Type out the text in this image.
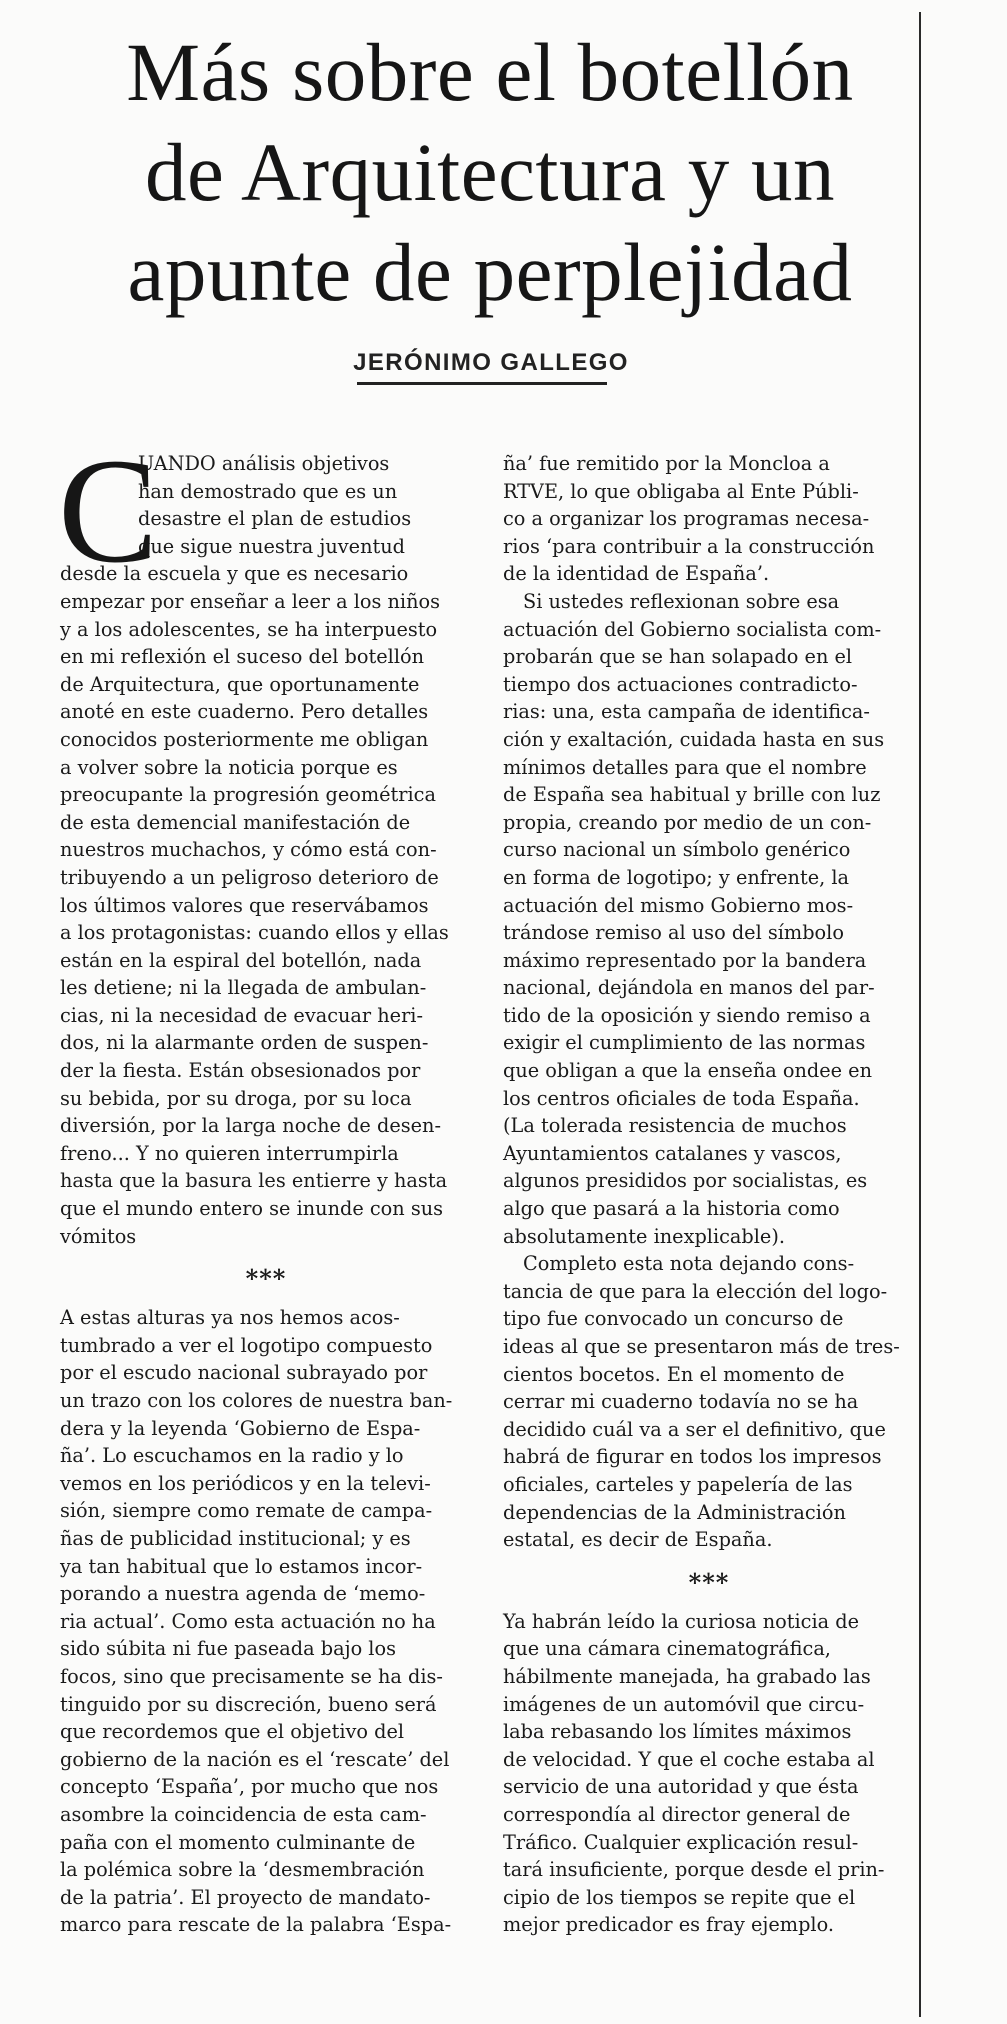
Más sobre el botellón
de Arquitectura y un
apunte de perplejidad
JERÓNIMO GALLEGO
C
UANDO análisis objetivos
han demostrado que es un
desastre el plan de estudios
que sigue nuestra juventud
desde la escuela y que es necesario
empezar por enseñar a leer a los niños
y a los adolescentes, se ha interpuesto
en mi reflexión el suceso del botellón
de Arquitectura, que oportunamente
anoté en este cuaderno. Pero detalles
conocidos posteriormente me obligan
a volver sobre la noticia porque es
preocupante la progresión geométrica
de esta demencial manifestación de
nuestros muchachos, y cómo está con-
tribuyendo a un peligroso deterioro de
los últimos valores que reservábamos
a los protagonistas: cuando ellos y ellas
están en la espiral del botellón, nada
les detiene; ni la llegada de ambulan-
cias, ni la necesidad de evacuar heri-
dos, ni la alarmante orden de suspen-
der la fiesta. Están obsesionados por
su bebida, por su droga, por su loca
diversión, por la larga noche de desen-
freno... Y no quieren interrumpirla
hasta que la basura les entierre y hasta
que el mundo entero se inunde con sus
vómitos
***
A estas alturas ya nos hemos acos-
tumbrado a ver el logotipo compuesto
por el escudo nacional subrayado por
un trazo con los colores de nuestra ban-
dera y la leyenda ‘Gobierno de Espa-
ña’. Lo escuchamos en la radio y lo
vemos en los periódicos y en la televi-
sión, siempre como remate de campa-
ñas de publicidad institucional; y es
ya tan habitual que lo estamos incor-
porando a nuestra agenda de ‘memo-
ria actual’. Como esta actuación no ha
sido súbita ni fue paseada bajo los
focos, sino que precisamente se ha dis-
tinguido por su discreción, bueno será
que recordemos que el objetivo del
gobierno de la nación es el ‘rescate’ del
concepto ‘España’, por mucho que nos
asombre la coincidencia de esta cam-
paña con el momento culminante de
la polémica sobre la ‘desmembración
de la patria’. El proyecto de mandato-
marco para rescate de la palabra ‘Espa-
ña’ fue remitido por la Moncloa a
RTVE, lo que obligaba al Ente Públi-
co a organizar los programas necesa-
rios ‘para contribuir a la construcción
de la identidad de España’.
Si ustedes reflexionan sobre esa
actuación del Gobierno socialista com-
probarán que se han solapado en el
tiempo dos actuaciones contradicto-
rias: una, esta campaña de identifica-
ción y exaltación, cuidada hasta en sus
mínimos detalles para que el nombre
de España sea habitual y brille con luz
propia, creando por medio de un con-
curso nacional un símbolo genérico
en forma de logotipo; y enfrente, la
actuación del mismo Gobierno mos-
trándose remiso al uso del símbolo
máximo representado por la bandera
nacional, dejándola en manos del par-
tido de la oposición y siendo remiso a
exigir el cumplimiento de las normas
que obligan a que la enseña ondee en
los centros oficiales de toda España.
(La tolerada resistencia de muchos
Ayuntamientos catalanes y vascos,
algunos presididos por socialistas, es
algo que pasará a la historia como
absolutamente inexplicable).
Completo esta nota dejando cons-
tancia de que para la elección del logo-
tipo fue convocado un concurso de
ideas al que se presentaron más de tres-
cientos bocetos. En el momento de
cerrar mi cuaderno todavía no se ha
decidido cuál va a ser el definitivo, que
habrá de figurar en todos los impresos
oficiales, carteles y papelería de las
dependencias de la Administración
estatal, es decir de España.
***
Ya habrán leído la curiosa noticia de
que una cámara cinematográfica,
hábilmente manejada, ha grabado las
imágenes de un automóvil que circu-
laba rebasando los límites máximos
de velocidad. Y que el coche estaba al
servicio de una autoridad y que ésta
correspondía al director general de
Tráfico. Cualquier explicación resul-
tará insuficiente, porque desde el prin-
cipio de los tiempos se repite que el
mejor predicador es fray ejemplo.
